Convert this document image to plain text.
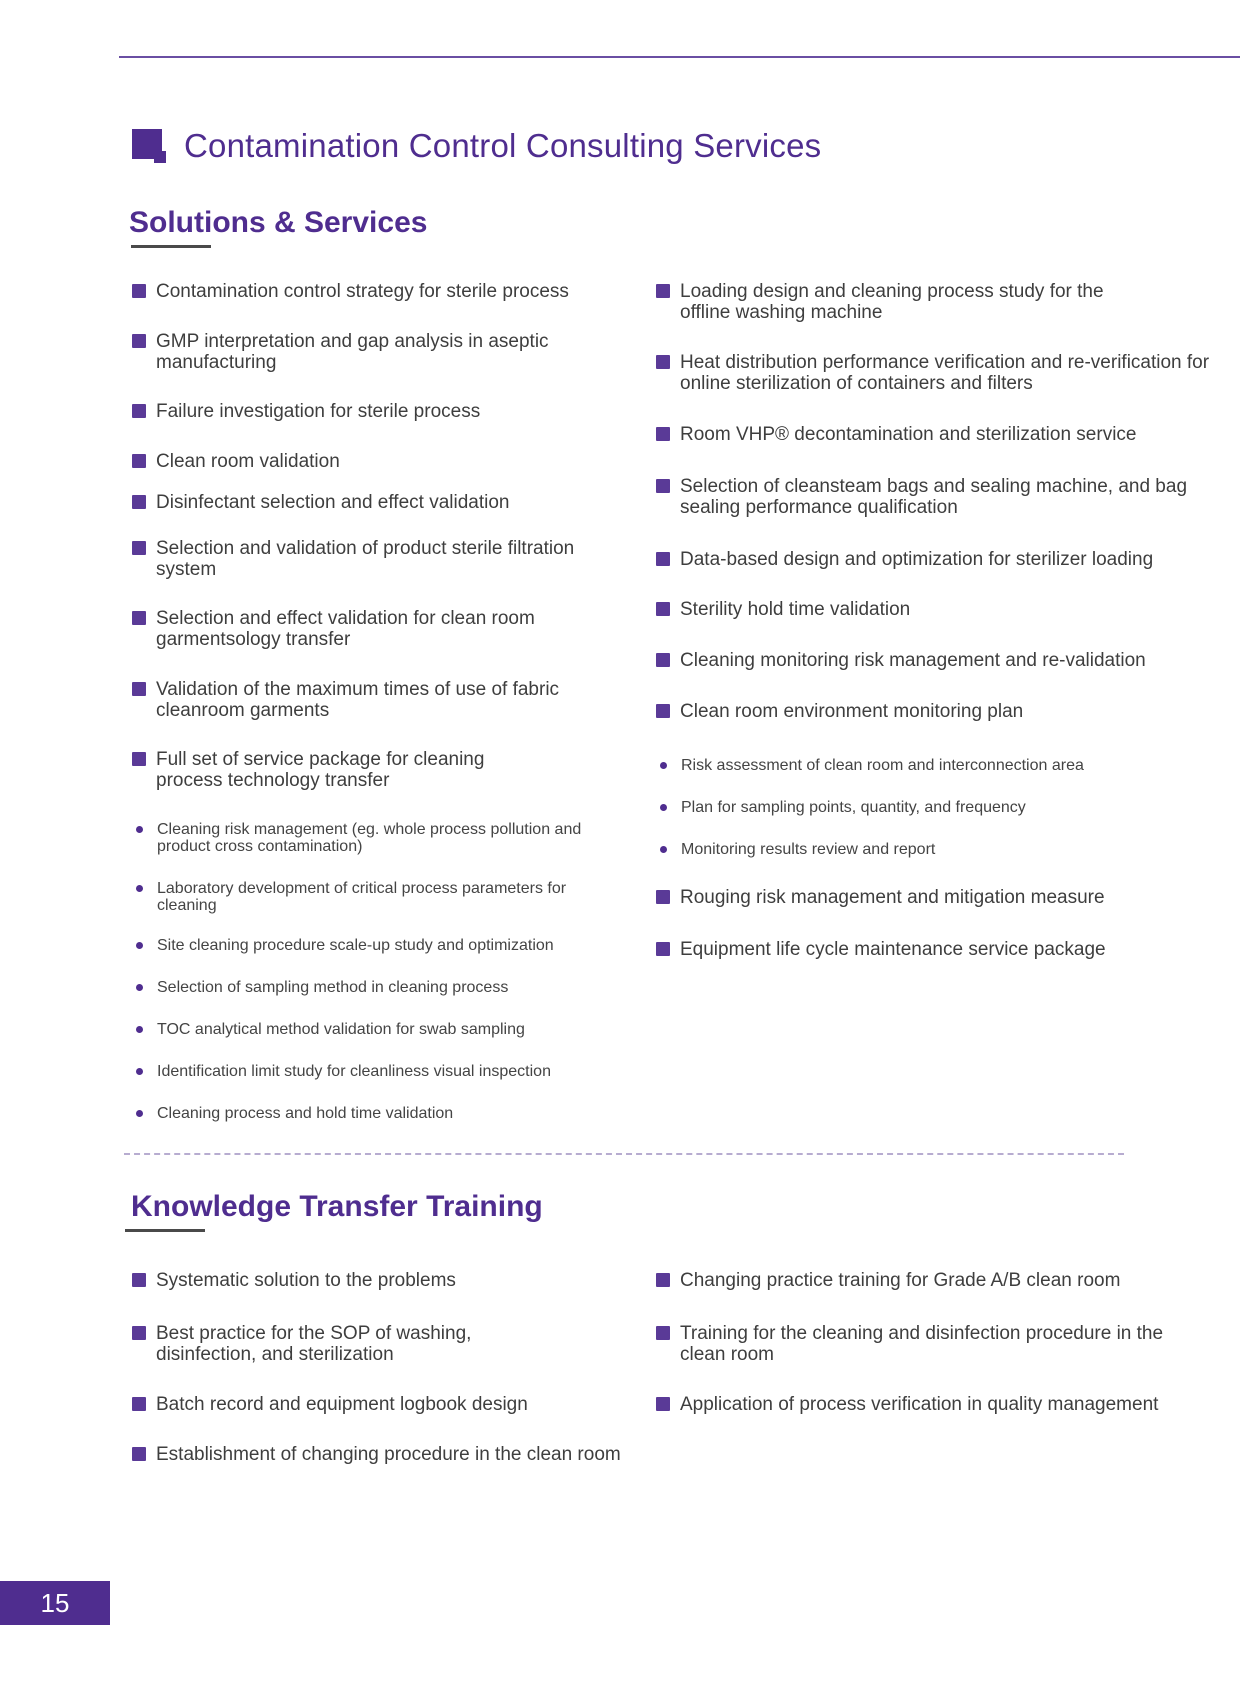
Contamination Control Consulting Services
Solutions & Services
Contamination control strategy for sterile process
GMP interpretation and gap analysis in aseptic manufacturing
Failure investigation for sterile process
Clean room validation
Disinfectant selection and effect validation
Selection and validation of product sterile filtration system
Selection and effect validation for clean room garmentsology transfer
Validation of the maximum times of use of fabric cleanroom garments
Full set of service package for cleaning process technology transfer
Cleaning risk management (eg. whole process pollution and product cross contamination)
Laboratory development of critical process parameters for cleaning
Site cleaning procedure scale-up study and optimization
Selection of sampling method in cleaning process
TOC analytical method validation for swab sampling
Identification limit study for cleanliness visual inspection
Cleaning process and hold time validation
Loading design and cleaning process study for the offline washing machine
Heat distribution performance verification and re-verification for online sterilization of containers and filters
Room VHP® decontamination and sterilization service
Selection of cleansteam bags and sealing machine, and bag sealing performance qualification
Data-based design and optimization for sterilizer loading
Sterility hold time validation
Cleaning monitoring risk management and re-validation
Clean room environment monitoring plan
Risk assessment of clean room and interconnection area
Plan for sampling points, quantity, and frequency
Monitoring results review and report
Rouging risk management and mitigation measure
Equipment life cycle maintenance service package
Knowledge Transfer Training
Systematic solution to the problems
Best practice for the SOP of washing, disinfection, and sterilization
Batch record and equipment logbook design
Establishment of changing procedure in the clean room
Changing practice training for Grade A/B clean room
Training for the cleaning and disinfection procedure in the clean room
Application of process verification in quality management
15
